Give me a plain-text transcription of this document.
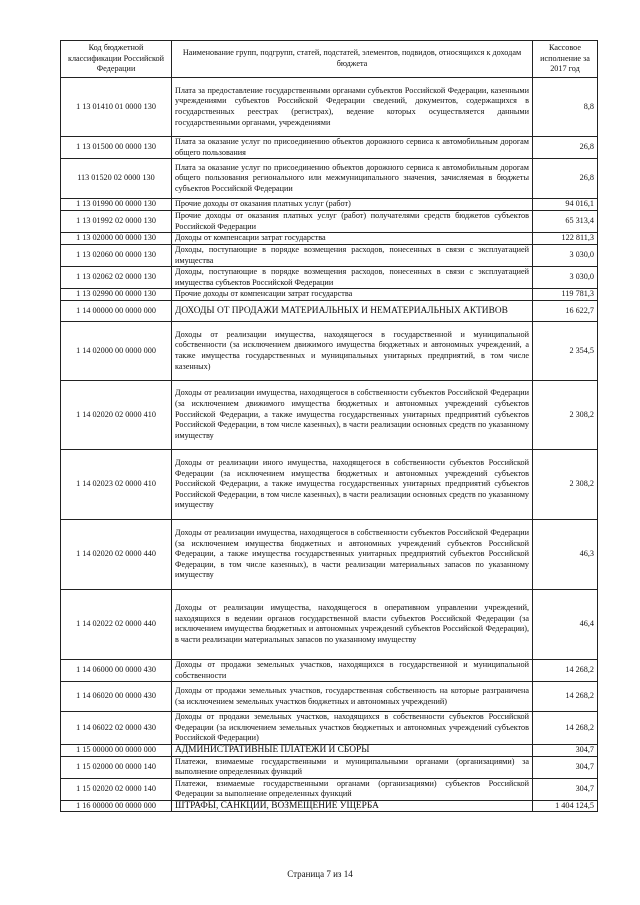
Код бюджетной классификации Российской Федерации	Наименование групп, подгрупп, статей, подстатей, элементов, подвидов, относящихся к доходам бюджета	Кассовое исполнение за 2017 год
1 13 01410 01 0000 130	Плата за предоставление государственными органами субъектов Российской Федерации, казенными учреждениями субъектов Российской Федерации сведений, документов, содержащихся в государственных реестрах (регистрах), ведение которых осуществляется данными государственными органами, учреждениями	8,8
1 13 01500 00 0000 130	Плата за оказание услуг по присоединению объектов дорожного сервиса к автомобильным дорогам общего пользования	26,8
113 01520 02 0000 130	Плата за оказание услуг по присоединению объектов дорожного сервиса к автомобильным дорогам общего пользования регионального или межмуниципального значения, зачисляемая в бюджеты субъектов Российской Федерации	26,8
1 13 01990 00 0000 130	Прочие доходы от оказания платных услуг (работ)	94 016,1
1 13 01992 02 0000 130	Прочие доходы от оказания платных услуг (работ) получателями средств бюджетов субъектов Российской Федерации	65 313,4
1 13 02000 00 0000 130	Доходы от компенсации затрат государства	122 811,3
1 13 02060 00 0000 130	Доходы, поступающие в порядке возмещения расходов, понесенных в связи с эксплуатацией имущества	3 030,0
1 13 02062 02 0000 130	Доходы, поступающие в порядке возмещения расходов, понесенных в связи с эксплуатацией имущества субъектов Российской Федерации	3 030,0
1 13 02990 00 0000 130	Прочие доходы от компенсации затрат государства	119 781,3
1 14 00000 00 0000 000	ДОХОДЫ ОТ ПРОДАЖИ МАТЕРИАЛЬНЫХ И НЕМАТЕРИАЛЬНЫХ АКТИВОВ	16 622,7
1 14 02000 00 0000 000	Доходы от реализации имущества, находящегося в государственной и муниципальной собственности (за исключением движимого имущества бюджетных и автономных учреждений, а также имущества государственных и муниципальных унитарных предприятий, в том числе казенных)	2 354,5
1 14 02020 02 0000 410	Доходы от реализации имущества, находящегося в собственности субъектов Российской Федерации (за исключением движимого имущества бюджетных и автономных учреждений субъектов Российской Федерации, а также имущества государственных унитарных предприятий субъектов Российской Федерации, в том числе казенных), в части реализации основных средств по указанному имуществу	2 308,2
1 14 02023 02 0000 410	Доходы от реализации иного имущества, находящегося в собственности субъектов Российской Федерации (за исключением имущества бюджетных и автономных учреждений субъектов Российской Федерации, а также имущества государственных унитарных предприятий субъектов Российской Федерации, в том числе казенных), в части реализации основных средств по указанному имуществу	2 308,2
1 14 02020 02 0000 440	Доходы от реализации имущества, находящегося в собственности субъектов Российской Федерации (за исключением имущества бюджетных и автономных учреждений субъектов Российской Федерации, а также имущества государственных унитарных предприятий субъектов Российской Федерации, в том числе казенных), в части реализации материальных запасов по указанному имуществу	46,3
1 14 02022 02 0000 440	Доходы от реализации имущества, находящегося в оперативном управлении учреждений, находящихся в ведении органов государственной власти субъектов Российской Федерации (за исключением имущества бюджетных и автономных учреждений субъектов Российской Федерации), в части реализации материальных запасов по указанному имуществу	46,4
1 14 06000 00 0000 430	Доходы от продажи земельных участков, находящихся в государственной и муниципальной собственности	14 268,2
1 14 06020 00 0000 430	Доходы от продажи земельных участков, государственная собственность на которые разграничена (за исключением земельных участков бюджетных и автономных учреждений)	14 268,2
1 14 06022 02 0000 430	Доходы от продажи земельных участков, находящихся в собственности субъектов Российской Федерации (за исключением земельных участков бюджетных и автономных учреждений субъектов Российской Федерации)	14 268,2
1 15 00000 00 0000 000	АДМИНИСТРАТИВНЫЕ ПЛАТЕЖИ И СБОРЫ	304,7
1 15 02000 00 0000 140	Платежи, взимаемые государственными и муниципальными органами (организациями) за выполнение определенных функций	304,7
1 15 02020 02 0000 140	Платежи, взимаемые государственными органами (организациями) субъектов Российской Федерации за выполнение определенных функций	304,7
1 16 00000 00 0000 000	ШТРАФЫ, САНКЦИИ, ВОЗМЕЩЕНИЕ УЩЕРБА	1 404 124,5
Страница 7 из 14
